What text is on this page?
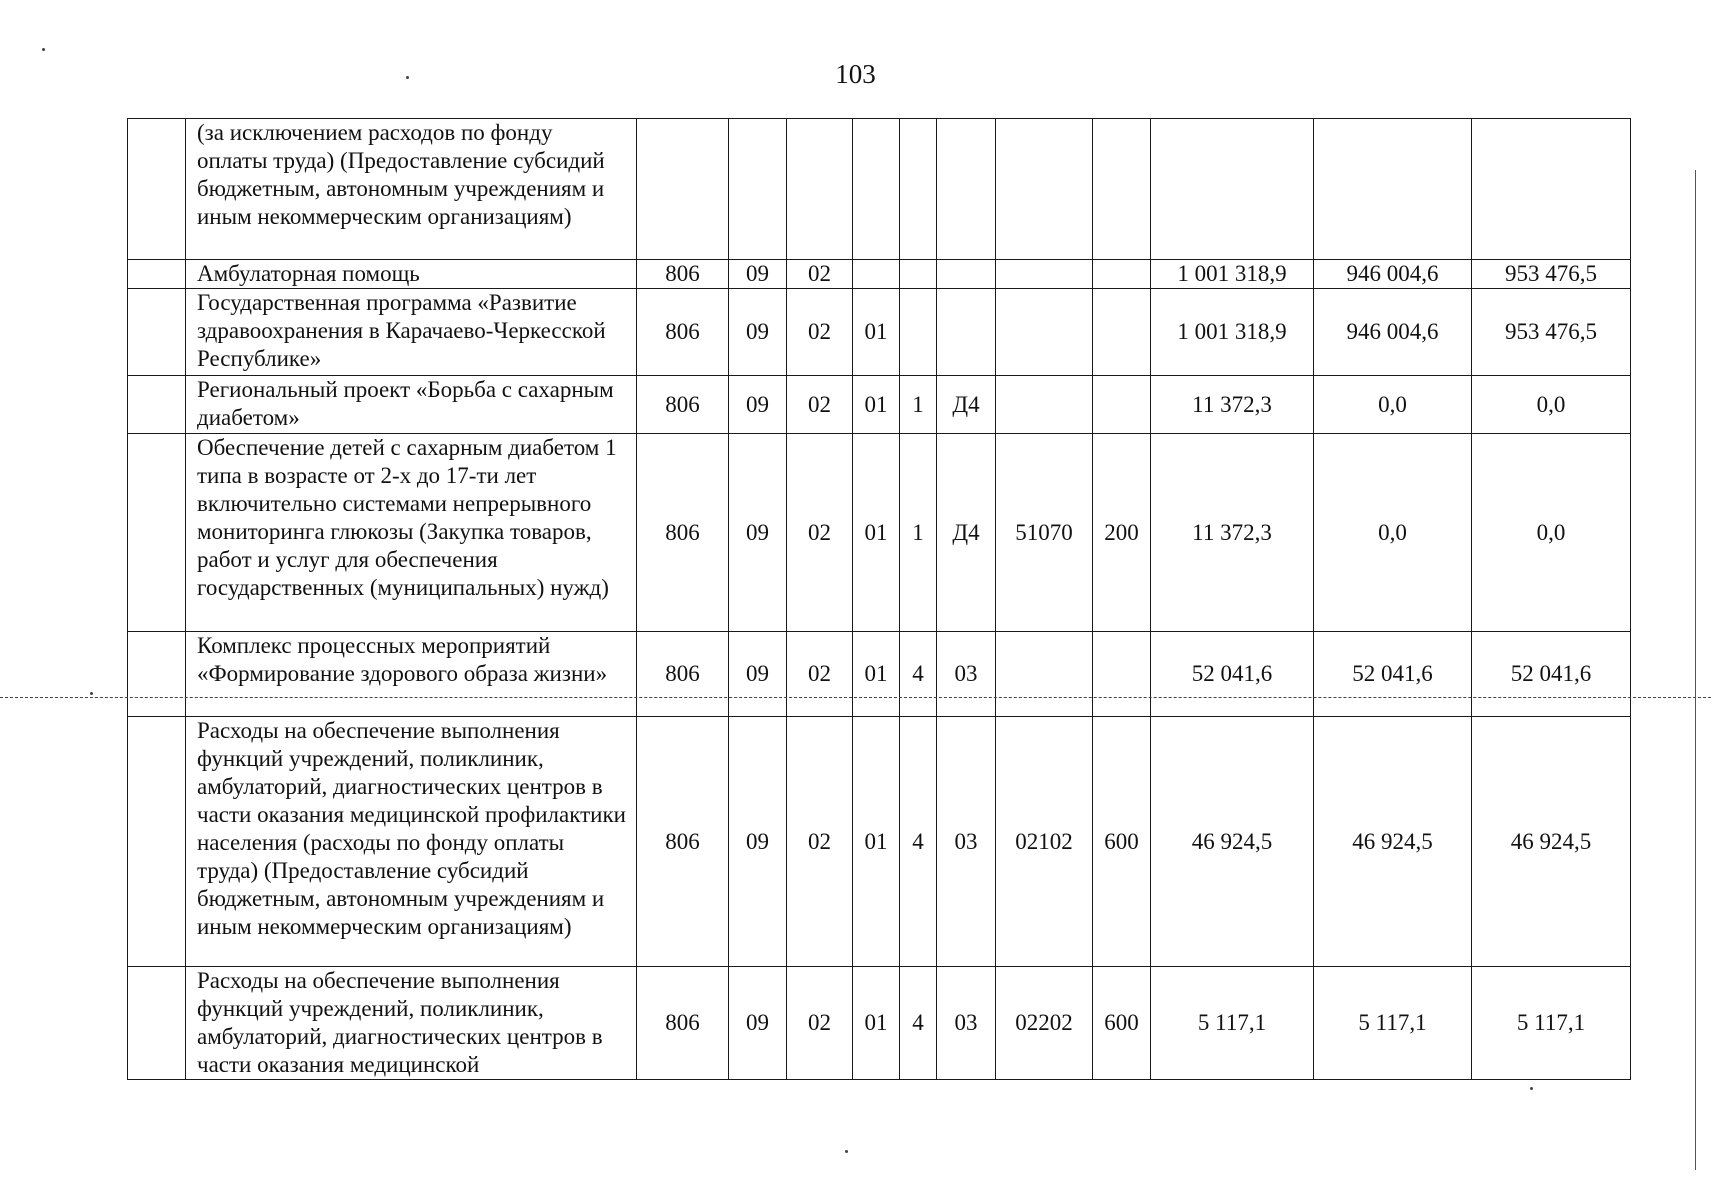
103
	(за исключением расходов по фонду оплаты труда) (Предоставление субсидий бюджетным, автономным учреждениям и иным некоммерческим организациям)											
	Амбулаторная помощь	806	09	02						1 001 318,9	946 004,6	953 476,5
	Государственная программа «Развитие здравоохранения в Карачаево-Черкесской Республике»	806	09	02	01					1 001 318,9	946 004,6	953 476,5
	Региональный проект «Борьба с сахарным диабетом»	806	09	02	01	1	Д4			11 372,3	0,0	0,0
	Обеспечение детей с сахарным диабетом 1 типа в возрасте от 2-х до 17-ти лет включительно системами непрерывного мониторинга глюкозы (Закупка товаров, работ и услуг для обеспечения государственных (муниципальных) нужд)	806	09	02	01	1	Д4	51070	200	11 372,3	0,0	0,0
	Комплекс процессных мероприятий «Формирование здорового образа жизни»	806	09	02	01	4	03			52 041,6	52 041,6	52 041,6
	Расходы на обеспечение выполнения функций учреждений, поликлиник, амбулаторий, диагностических центров в части оказания медицинской профилактики населения (расходы по фонду оплаты труда) (Предоставление субсидий бюджетным, автономным учреждениям и иным некоммерческим организациям)	806	09	02	01	4	03	02102	600	46 924,5	46 924,5	46 924,5
	Расходы на обеспечение выполнения функций учреждений, поликлиник, амбулаторий, диагностических центров в части оказания медицинской	806	09	02	01	4	03	02202	600	5 117,1	5 117,1	5 117,1
